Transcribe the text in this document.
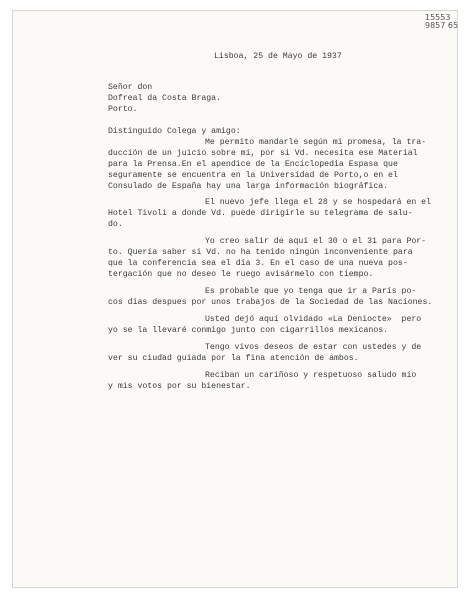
15553
9857 65
Lisboa, 25 de Mayo de 1937
Señor don
Dofreal da Costa Braga.
Porto.
Distinguido Colega y amigo:
Me permito mandarle según mi promesa, la tra-
ducción de un juicio sobre mí, por si Vd. necesita ese Material
para la Prensa.En el apendice de la Enciclopedia Espasa que
seguramente se encuentra en la Universidad de Porto,o en el
Consulado de España hay una larga información biográfica.
El nuevo jefe llega el 28 y se hospedará en el
Hotel Tivoli a donde Vd. puede dirigirle su telegrama de salu-
do.
Yo creo salir de aquí el 30 o el 31 para Por-
to. Quería saber si Vd. no ha tenido ningún inconveniente para
que la conferencia sea el día 3. En el caso de una nueva pos-
tergación que no deseo le ruego avisármelo con tiempo.
Es probable que yo tenga que ir a París po-
cos días despues por unos trabajos de la Sociedad de las Naciones.
Usted dejó aquí olvidado «La Deniocte»  pero
yo se la llevaré conmigo junto con cigarrillos mexicanos.
Tengo vivos deseos de estar con ustedes y de
ver su ciudad guiada por la fina atención de ambos.
Reciban un cariñoso y respetuoso saludo mío
y mis votos por su bienestar.
